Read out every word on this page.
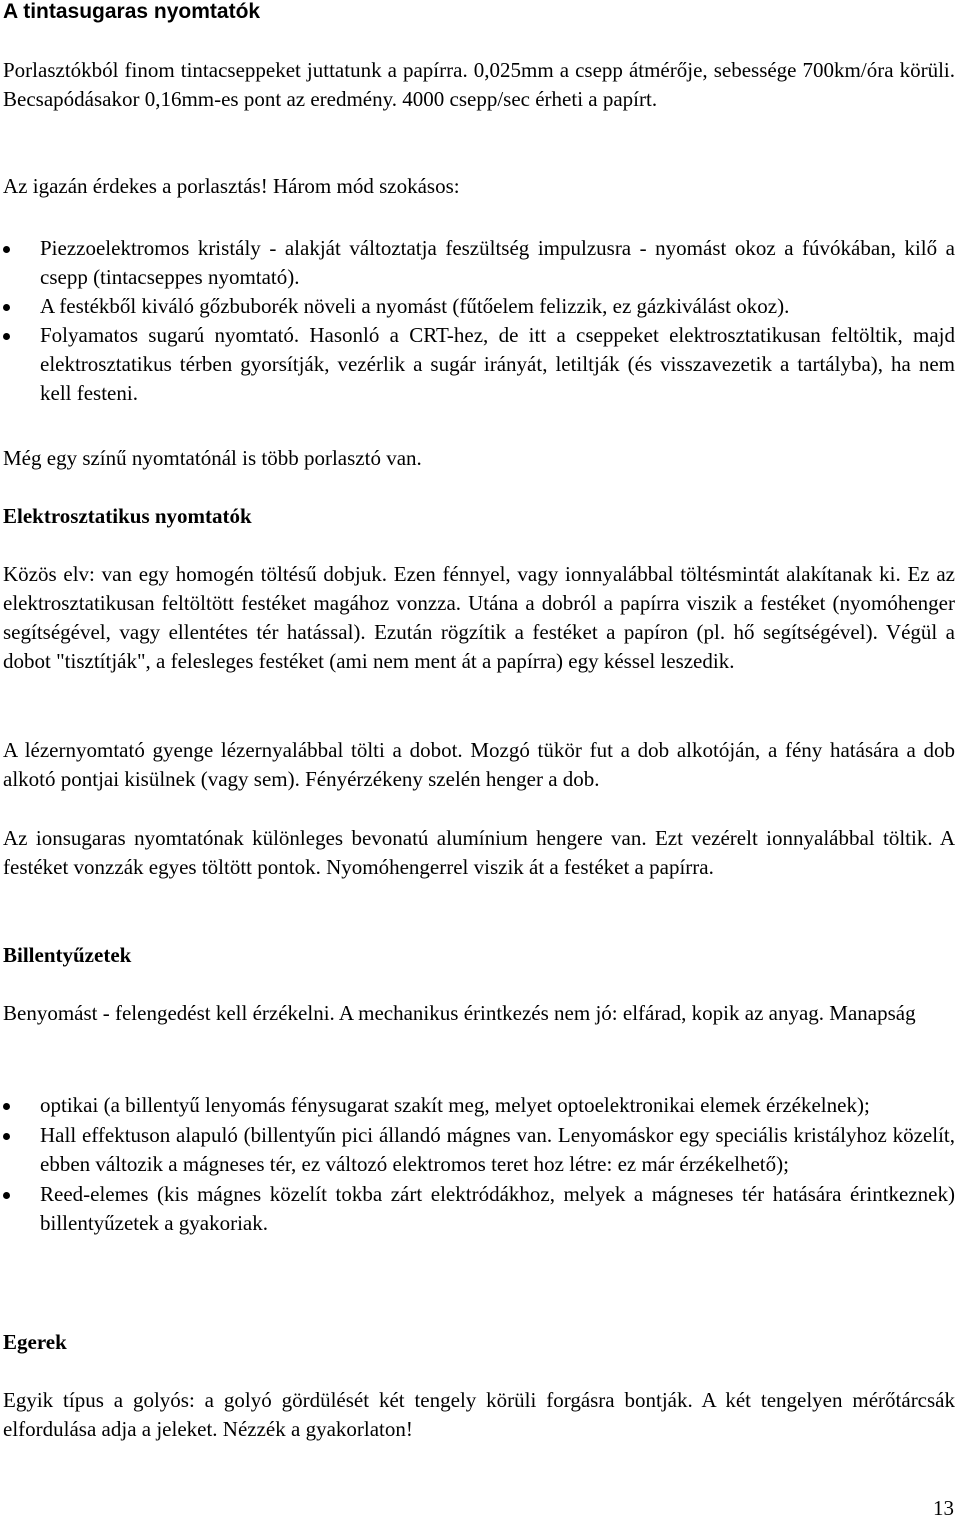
A tintasugaras nyomtatók

Porlasztókból finom tintacseppeket juttatunk a papírra. 0,025mm a csepp átmérője, sebessége 700km/óra körüli. Becsapódásakor 0,16mm-es pont az eredmény. 4000 csepp/sec érheti a papírt.

Az igazán érdekes a porlasztás! Három mód szokásos:

Piezzoelektromos kristály - alakját változtatja feszültség impulzusra - nyomást okoz a fúvókában, kilő a csepp (tintacseppes nyomtató).
A festékből kiváló gőzbuborék növeli a nyomást (fűtőelem felizzik, ez gázkiválást okoz).
Folyamatos sugarú nyomtató. Hasonló a CRT-hez, de itt a cseppeket elektrosztatikusan feltöltik, majd elektrosztatikus térben gyorsítják, vezérlik a sugár irányát, letiltják (és visszavezetik a tartályba), ha nem kell festeni.

Még egy színű nyomtatónál is több porlasztó van.

Elektrosztatikus nyomtatók

Közös elv: van egy homogén töltésű dobjuk. Ezen fénnyel, vagy ionnyalábbal töltésmintát alakítanak ki. Ez az elektrosztatikusan feltöltött festéket magához vonzza. Utána a dobról a papírra viszik a festéket (nyomóhenger segítségével, vagy ellentétes tér hatással). Ezután rögzítik a festéket a papíron (pl. hő segítségével). Végül a dobot "tisztítják", a felesleges festéket (ami nem ment át a papírra) egy késsel leszedik.

A lézernyomtató gyenge lézernyalábbal tölti a dobot. Mozgó tükör fut a dob alkotóján, a fény hatására a dob alkotó pontjai kisülnek (vagy sem). Fényérzékeny szelén henger a dob.

Az ionsugaras nyomtatónak különleges bevonatú alumínium hengere van. Ezt vezérelt ionnyalábbal töltik. A festéket vonzzák egyes töltött pontok. Nyomóhengerrel viszik át a festéket a papírra.

Billentyűzetek

Benyomást - felengedést kell érzékelni. A mechanikus érintkezés nem jó: elfárad, kopik az anyag. Manapság

optikai (a billentyű lenyomás fénysugarat szakít meg, melyet optoelektronikai elemek érzékelnek);
Hall effektuson alapuló (billentyűn pici állandó mágnes van. Lenyomáskor egy speciális kristályhoz közelít, ebben változik a mágneses tér, ez változó elektromos teret hoz létre: ez már érzékelhető);
Reed-elemes (kis mágnes közelít tokba zárt elektródákhoz, melyek a mágneses tér hatására érintkeznek) billentyűzetek a gyakoriak.
Egerek

Egyik típus a golyós: a golyó gördülését két tengely körüli forgásra bontják. A két tengelyen mérőtárcsák elfordulása adja a jeleket. Nézzék a gyakorlaton!

13
